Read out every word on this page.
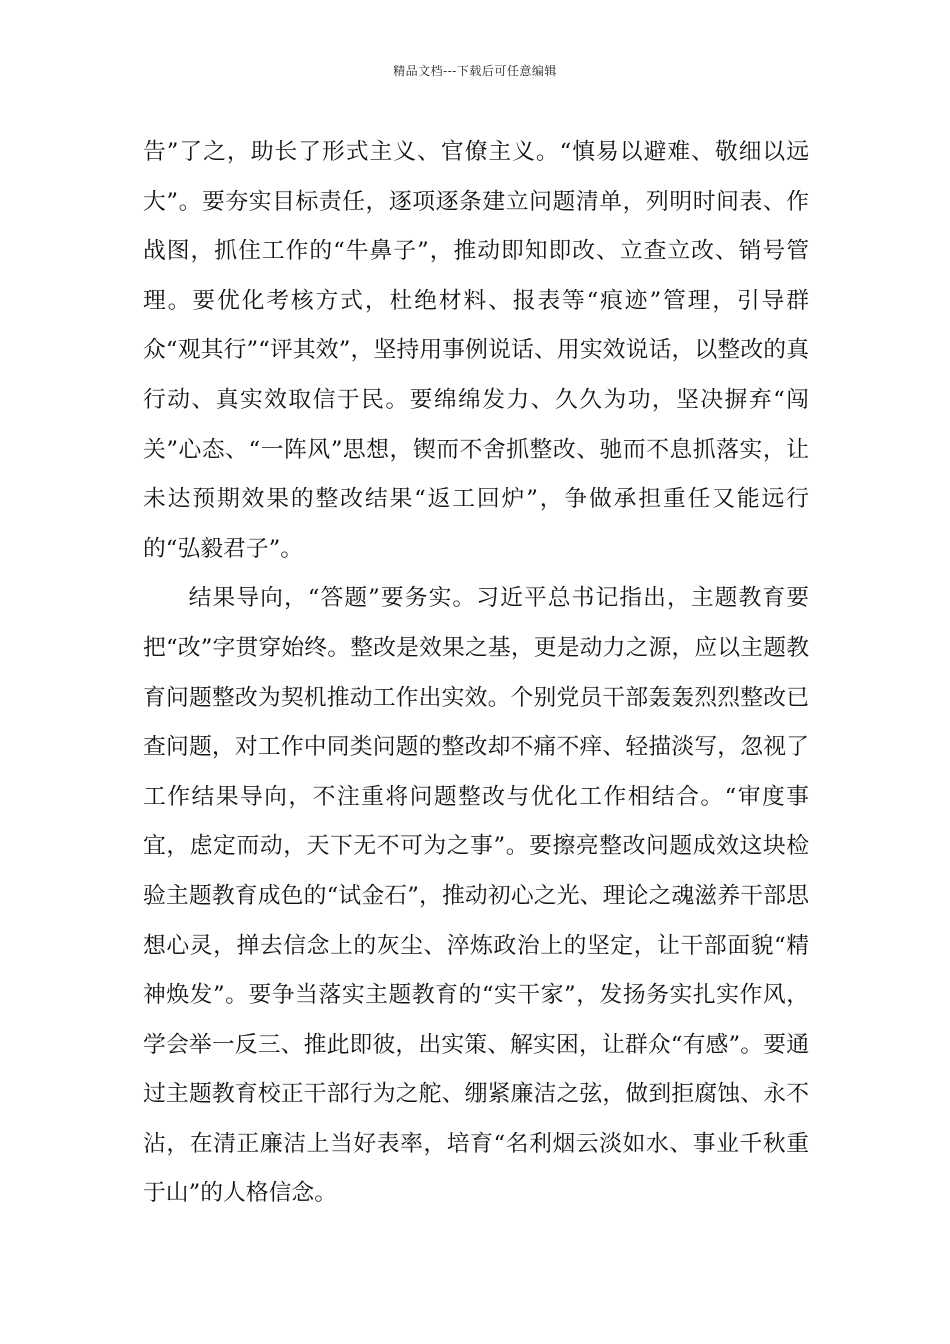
精品文档---下载后可任意编辑

告”了之，助长了形式主义、官僚主义。“慎易以避难、敬细以远大”。要夯实目标责任，逐项逐条建立问题清单，列明时间表、作战图，抓住工作的“牛鼻子”，推动即知即改、立查立改、销号管理。要优化考核方式，杜绝材料、报表等“痕迹”管理，引导群众“观其行”“评其效”，坚持用事例说话、用实效说话，以整改的真行动、真实效取信于民。要绵绵发力、久久为功，坚决摒弃“闯关”心态、“一阵风”思想，锲而不舍抓整改、驰而不息抓落实，让未达预期效果的整改结果“返工回炉”，争做承担重任又能远行的“弘毅君子”。

结果导向，“答题”要务实。习近平总书记指出，主题教育要把“改”字贯穿始终。整改是效果之基，更是动力之源，应以主题教育问题整改为契机推动工作出实效。个别党员干部轰轰烈烈整改已查问题，对工作中同类问题的整改却不痛不痒、轻描淡写，忽视了工作结果导向，不注重将问题整改与优化工作相结合。“审度事宜，虑定而动，天下无不可为之事”。要擦亮整改问题成效这块检验主题教育成色的“试金石”，推动初心之光、理论之魂滋养干部思想心灵，掸去信念上的灰尘、淬炼政治上的坚定，让干部面貌“精神焕发”。要争当落实主题教育的“实干家”，发扬务实扎实作风，学会举一反三、推此即彼，出实策、解实困，让群众“有感”。要通过主题教育校正干部行为之舵、绷紧廉洁之弦，做到拒腐蚀、永不沾，在清正廉洁上当好表率，培育“名利烟云淡如水、事业千秋重于山”的人格信念。
